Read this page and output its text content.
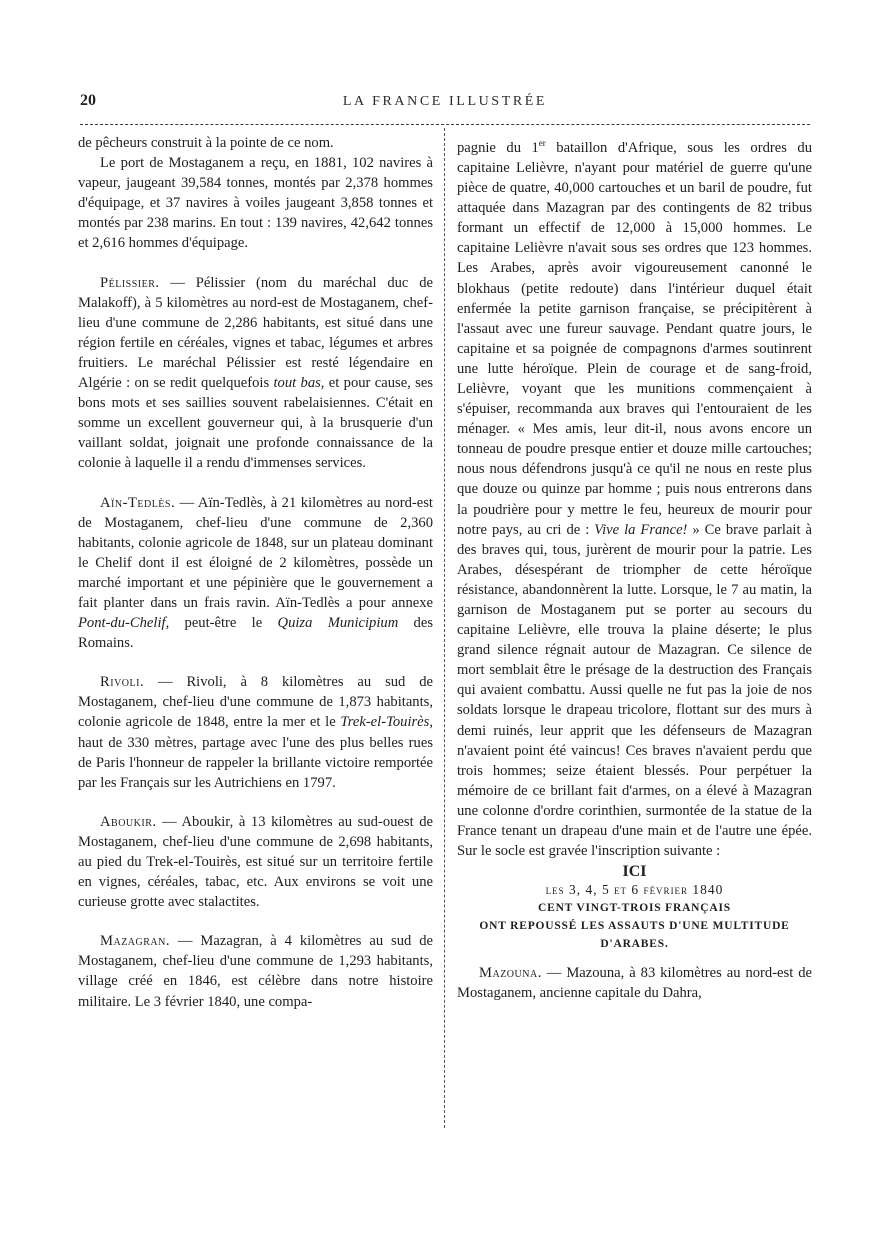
20	LA FRANCE ILLUSTRÉE

de pêcheurs construit à la pointe de ce nom.

Le port de Mostaganem a reçu, en 1881, 102 navires à vapeur, jaugeant 39,584 tonnes, montés par 2,378 hommes d'équipage, et 37 navires à voiles jaugeant 3,858 tonnes et montés par 238 marins. En tout : 139 navires, 42,642 tonnes et 2,616 hommes d'équipage.

Pélissier. — Pélissier (nom du maréchal duc de Malakoff), à 5 kilomètres au nord-est de Mostaganem, chef-lieu d'une commune de 2,286 habitants, est situé dans une région fertile en céréales, vignes et tabac, légumes et arbres fruitiers. Le maréchal Pélissier est resté légendaire en Algérie : on se redit quelquefois tout bas, et pour cause, ses bons mots et ses saillies souvent rabelaisiennes. C'était en somme un excellent gouverneur qui, à la brusquerie d'un vaillant soldat, joignait une profonde connaissance de la colonie à laquelle il a rendu d'immenses services.

Aïn-Tedlès. — Aïn-Tedlès, à 21 kilomètres au nord-est de Mostaganem, chef-lieu d'une commune de 2,360 habitants, colonie agricole de 1848, sur un plateau dominant le Chelif dont il est éloigné de 2 kilomètres, possède un marché important et une pépinière que le gouvernement a fait planter dans un frais ravin. Aïn-Tedlès a pour annexe Pont-du-Chelif, peut-être le Quiza Municipium des Romains.

Rivoli. — Rivoli, à 8 kilomètres au sud de Mostaganem, chef-lieu d'une commune de 1,873 habitants, colonie agricole de 1848, entre la mer et le Trek-el-Touirès, haut de 330 mètres, partage avec l'une des plus belles rues de Paris l'honneur de rappeler la brillante victoire remportée par les Français sur les Autrichiens en 1797.

Aboukir. — Aboukir, à 13 kilomètres au sud-ouest de Mostaganem, chef-lieu d'une commune de 2,698 habitants, au pied du Trek-el-Touirès, est situé sur un territoire fertile en vignes, céréales, tabac, etc. Aux environs se voit une curieuse grotte avec stalactites.

Mazagran. — Mazagran, à 4 kilomètres au sud de Mostaganem, chef-lieu d'une commune de 1,293 habitants, village créé en 1846, est célèbre dans notre histoire militaire. Le 3 février 1840, une compa-

pagnie du 1er bataillon d'Afrique, sous les ordres du capitaine Lelièvre, n'ayant pour matériel de guerre qu'une pièce de quatre, 40,000 cartouches et un baril de poudre, fut attaquée dans Mazagran par des contingents de 82 tribus formant un effectif de 12,000 à 15,000 hommes. Le capitaine Lelièvre n'avait sous ses ordres que 123 hommes. Les Arabes, après avoir vigoureusement canonné le blokhaus (petite redoute) dans l'intérieur duquel était enfermée la petite garnison française, se précipitèrent à l'assaut avec une fureur sauvage. Pendant quatre jours, le capitaine et sa poignée de compagnons d'armes soutinrent une lutte héroïque. Plein de courage et de sang-froid, Lelièvre, voyant que les munitions commençaient à s'épuiser, recommanda aux braves qui l'entouraient de les ménager. « Mes amis, leur dit-il, nous avons encore un tonneau de poudre presque entier et douze mille cartouches; nous nous défendrons jusqu'à ce qu'il ne nous en reste plus que douze ou quinze par homme ; puis nous entrerons dans la poudrière pour y mettre le feu, heureux de mourir pour notre pays, au cri de : Vive la France! » Ce brave parlait à des braves qui, tous, jurèrent de mourir pour la patrie. Les Arabes, désespérant de triompher de cette héroïque résistance, abandonnèrent la lutte. Lorsque, le 7 au matin, la garnison de Mostaganem put se porter au secours du capitaine Lelièvre, elle trouva la plaine déserte; le plus grand silence régnait autour de Mazagran. Ce silence de mort semblait être le présage de la destruction des Français qui avaient combattu. Aussi quelle ne fut pas la joie de nos soldats lorsque le drapeau tricolore, flottant sur des murs à demi ruinés, leur apprit que les défenseurs de Mazagran n'avaient point été vaincus! Ces braves n'avaient perdu que trois hommes; seize étaient blessés. Pour perpétuer la mémoire de ce brillant fait d'armes, on a élevé à Mazagran une colonne d'ordre corinthien, surmontée de la statue de la France tenant un drapeau d'une main et de l'autre une épée. Sur le socle est gravée l'inscription suivante :

ICI
les 3, 4, 5 et 6 février 1840
CENT VINGT-TROIS FRANÇAIS
ONT REPOUSSÉ LES ASSAUTS D'UNE MULTITUDE
D'ARABES.

Mazouna. — Mazouna, à 83 kilomètres au nord-est de Mostaganem, ancienne capitale du Dahra,
